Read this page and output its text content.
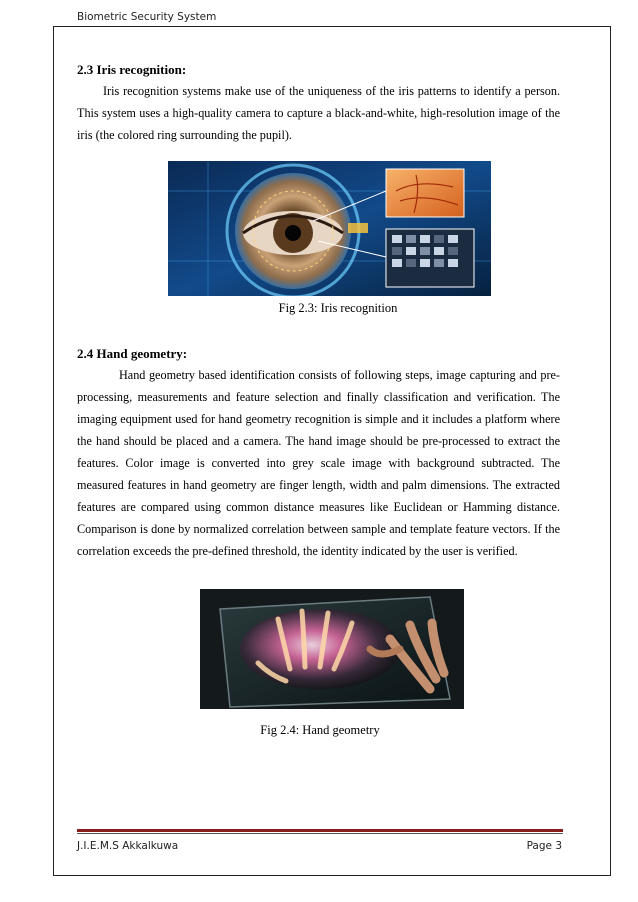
Biometric Security System
2.3 Iris recognition:

Iris recognition systems make use of the uniqueness of the iris patterns to identify a person. This system uses a high-quality camera to capture a black-and-white, high-resolution image of the iris (the colored ring surrounding the pupil).

Fig 2.3: Iris recognition
2.4 Hand geometry:

Hand geometry based identification consists of following steps, image capturing and pre-processing, measurements and feature selection and finally classification and verification. The imaging equipment used for hand geometry recognition is simple and it includes a platform where the hand should be placed and a camera. The hand image should be pre-processed to extract the features. Color image is converted into grey scale image with background subtracted. The measured features in hand geometry are finger length, width and palm dimensions. The extracted features are compared using common distance measures like Euclidean or Hamming distance. Comparison is done by normalized correlation between sample and template feature vectors. If the correlation exceeds the pre-defined threshold, the identity indicated by the user is verified.

Fig 2.4: Hand geometry
J.I.E.M.S Akkalkuwa	Page 3
